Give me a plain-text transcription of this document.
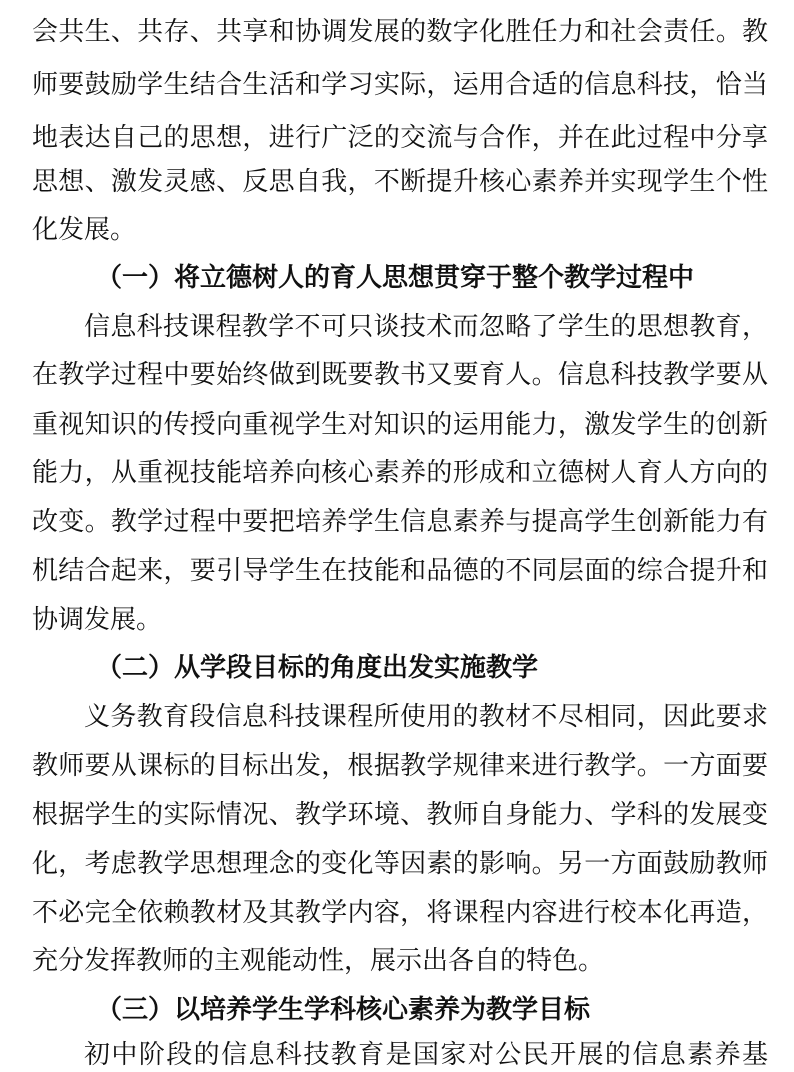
会共生、共存、共享和协调发展的数字化胜任力和社会责任。教
师要鼓励学生结合生活和学习实际，运用合适的信息科技，恰当
地表达自己的思想，进行广泛的交流与合作，并在此过程中分享
思想、激发灵感、反思自我，不断提升核心素养并实现学生个性
化发展。
（一）将立德树人的育人思想贯穿于整个教学过程中
信息科技课程教学不可只谈技术而忽略了学生的思想教育，
在教学过程中要始终做到既要教书又要育人。信息科技教学要从
重视知识的传授向重视学生对知识的运用能力，激发学生的创新
能力，从重视技能培养向核心素养的形成和立德树人育人方向的
改变。教学过程中要把培养学生信息素养与提高学生创新能力有
机结合起来，要引导学生在技能和品德的不同层面的综合提升和
协调发展。
（二）从学段目标的角度出发实施教学
义务教育段信息科技课程所使用的教材不尽相同，因此要求
教师要从课标的目标出发，根据教学规律来进行教学。一方面要
根据学生的实际情况、教学环境、教师自身能力、学科的发展变
化，考虑教学思想理念的变化等因素的影响。另一方面鼓励教师
不必完全依赖教材及其教学内容，将课程内容进行校本化再造，
充分发挥教师的主观能动性，展示出各自的特色。
（三）以培养学生学科核心素养为教学目标
初中阶段的信息科技教育是国家对公民开展的信息素养基
